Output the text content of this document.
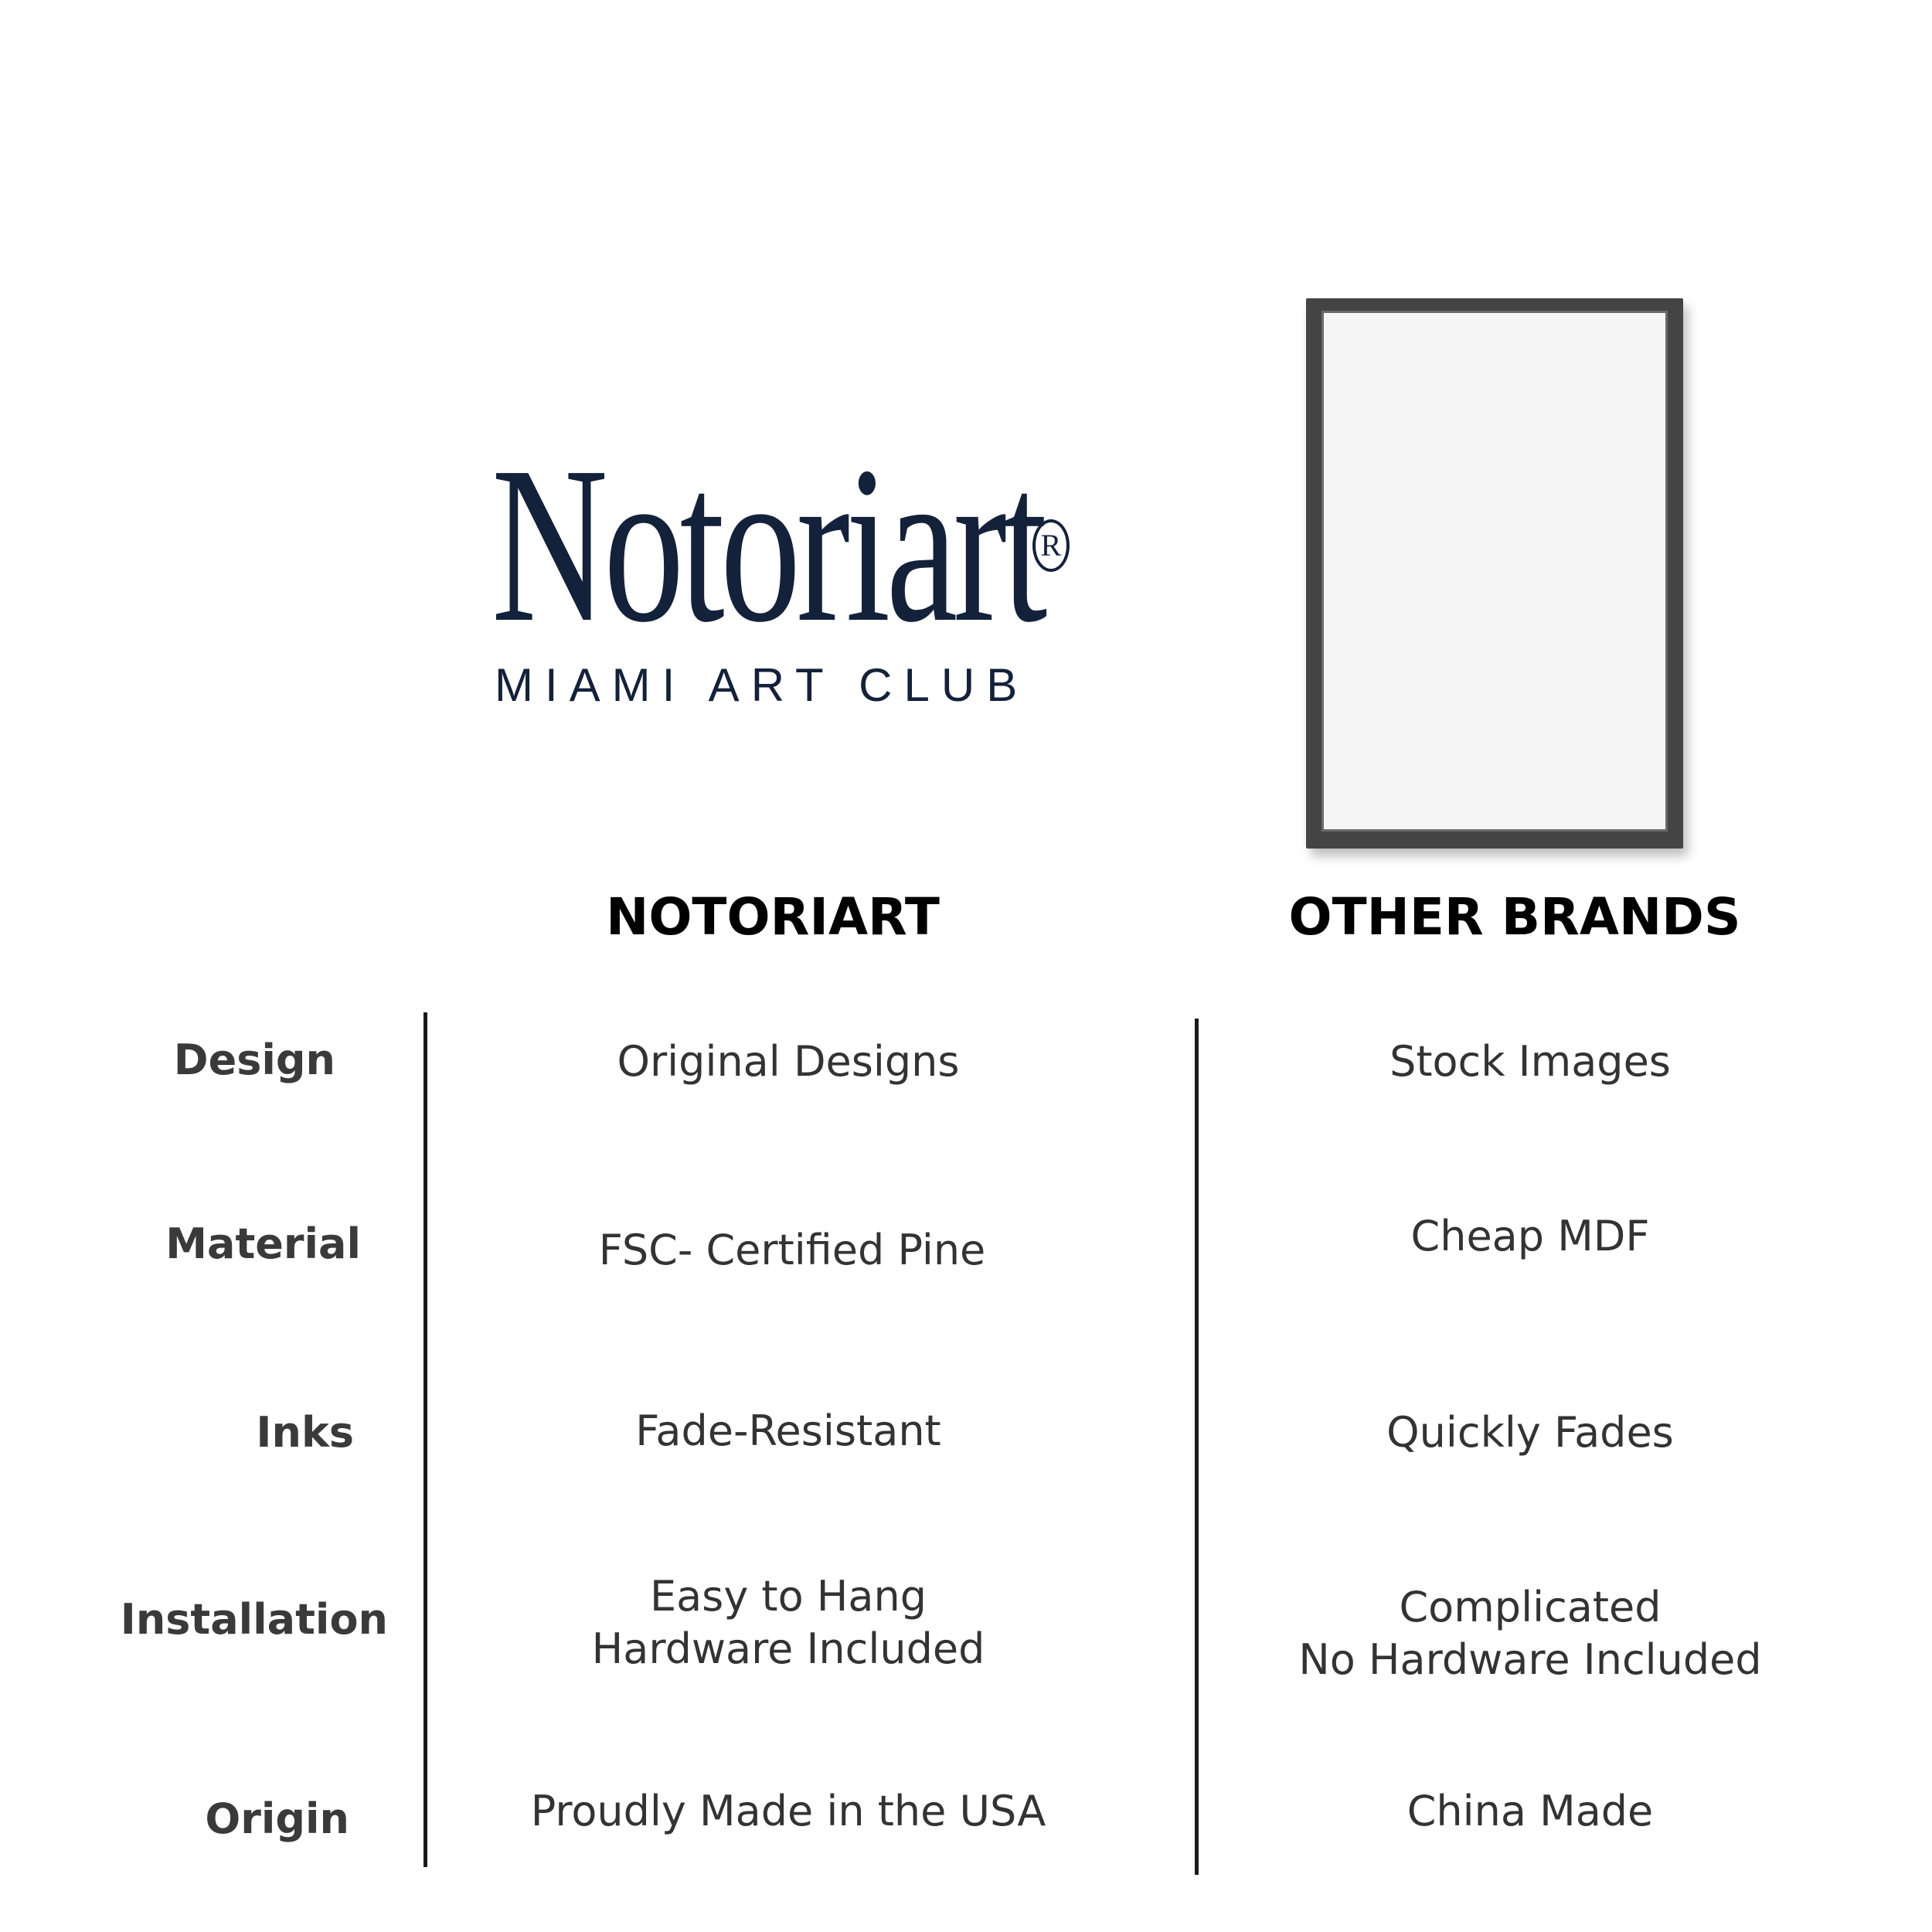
Notoriart
R
MIAMI ART CLUB
NOTORIART	OTHER BRANDS
Design
Material
Inks
Installation
Origin
Original Designs
FSC- Certified Pine
Fade-Resistant
Easy to Hang
Hardware Included
Proudly Made in the USA
Stock Images
Cheap MDF
Quickly Fades
Complicated
No Hardware Included
China Made
